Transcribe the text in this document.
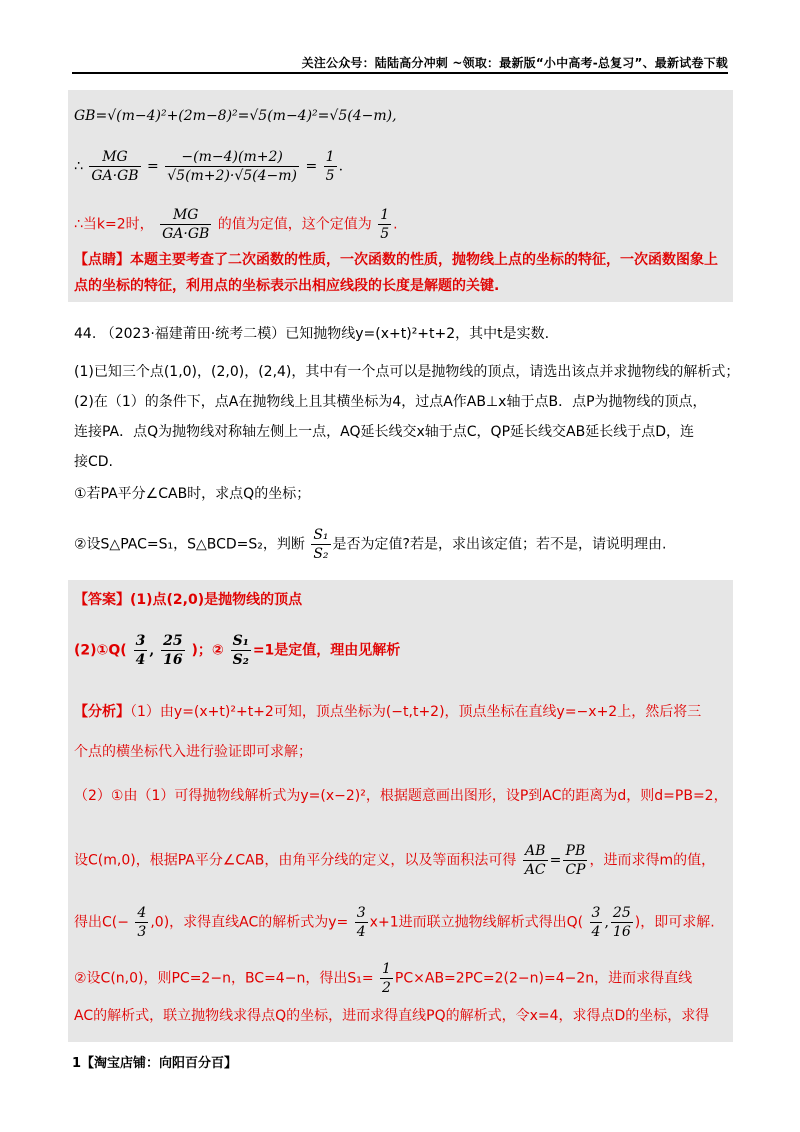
关注公众号：陆陆高分冲刺 ~领取：最新版“小中高考-总复习”、最新试卷下载
GB=√(m−4)²+(2m−8)²=√5(m−4)²=√5(4−m),
∴ $\frac{MG}{GA\cdot GB} = \frac{-(m-4)(m+2)}{√5(m+2)\cdot√5(4-m)} = \frac{1}{5}$ .
∴当k=2时， $\frac{MG}{GA\cdot GB}$ 的值为定值，这个定值为 $\frac{1}{5}$ .
【点睛】本题主要考查了二次函数的性质，一次函数的性质，抛物线上点的坐标的特征，一次函数图象上
点的坐标的特征，利用点的坐标表示出相应线段的长度是解题的关键.
44. （2023·福建莆田·统考二模）已知抛物线y=(x+t)²+t+2，其中t是实数.
(1)已知三个点(1,0)，(2,0)，(2,4)，其中有一个点可以是抛物线的顶点，请选出该点并求抛物线的解析式；
(2)在（1）的条件下，点A在抛物线上且其横坐标为4，过点A作AB⊥x轴于点B．点P为抛物线的顶点，
连接PA．点Q为抛物线对称轴左侧上一点，AQ延长线交x轴于点C，QP延长线交AB延长线于点D，连
接CD.
①若PA平分∠CAB时，求点Q的坐标；
②设S△PAC=S₁，S△BCD=S₂，判断 $\frac{\text{S₁}}{\text{S₂}}$ 是否为定值?若是，求出该定值；若不是，请说明理由.
【答案】(1)点(2,0)是抛物线的顶点
(2)①Q( $\frac{3}{4}$ , $\frac{25}{16}$ )；② $\frac{\text{S₁}}{\text{S₂}} =1$是定值，理由见解析
【分析】（1）由y=(x+t)²+t+2可知，顶点坐标为(−t,t+2)，顶点坐标在直线y=−x+2上，然后将三
个点的横坐标代入进行验证即可求解；
（2）①由（1）可得抛物线解析式为y=(x−2)²，根据题意画出图形，设P到AC的距离为d，则d=PB=2，
设C(m,0)，根据PA平分∠CAB，由角平分线的定义，以及等面积法可得 $\frac{AB}{AC} = \frac{PB}{CP}$ ，进而求得m的值，
得出$C(- \frac{4}{3} ,0)$，求得直线AC的解析式为$y= \frac{3}{4} x+1$进而联立抛物线解析式得出$Q( \frac{3}{4}$ , $\frac{25}{16}$ )，即可求解.
②设C(n,0)，则PC=2−n，BC=4−n，得出$S_1= \frac{1}{2} PC\times AB=2PC=2(2-n)=4-2n$，进而求得直线
AC的解析式，联立抛物线求得点Q的坐标，进而求得直线PQ的解析式，令x=4，求得点D的坐标，求得
1【淘宝店铺：向阳百分百】
